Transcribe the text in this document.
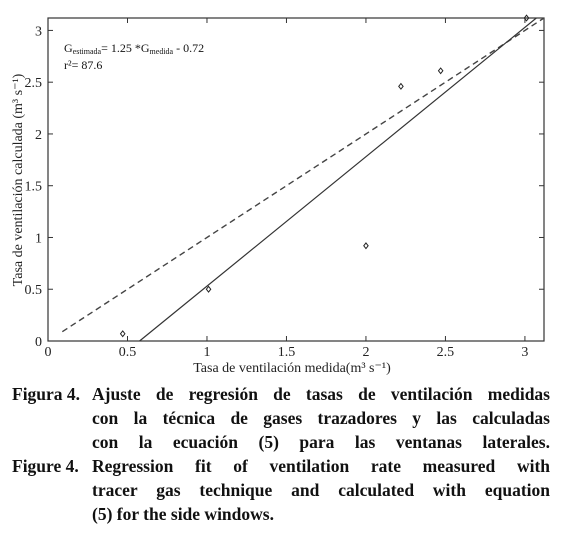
0	0.5	1	1.5	2	2.5	3
0
0.5
1
1.5
2
2.5
3
Gestimada= 1.25 *Gmedida - 0.72
r²= 87.6
Tasa de ventilación medida(m³ s⁻¹)
Tasa de ventilación calculada (m³ s⁻¹)
Figura 4. Ajuste de regresión de tasas de ventilación medidas
con la técnica de gases trazadores y las calculadas
con la ecuación (5) para las ventanas laterales.
Figure 4. Regression fit of ventilation rate measured with
tracer gas technique and calculated with equation
(5) for the side windows.
